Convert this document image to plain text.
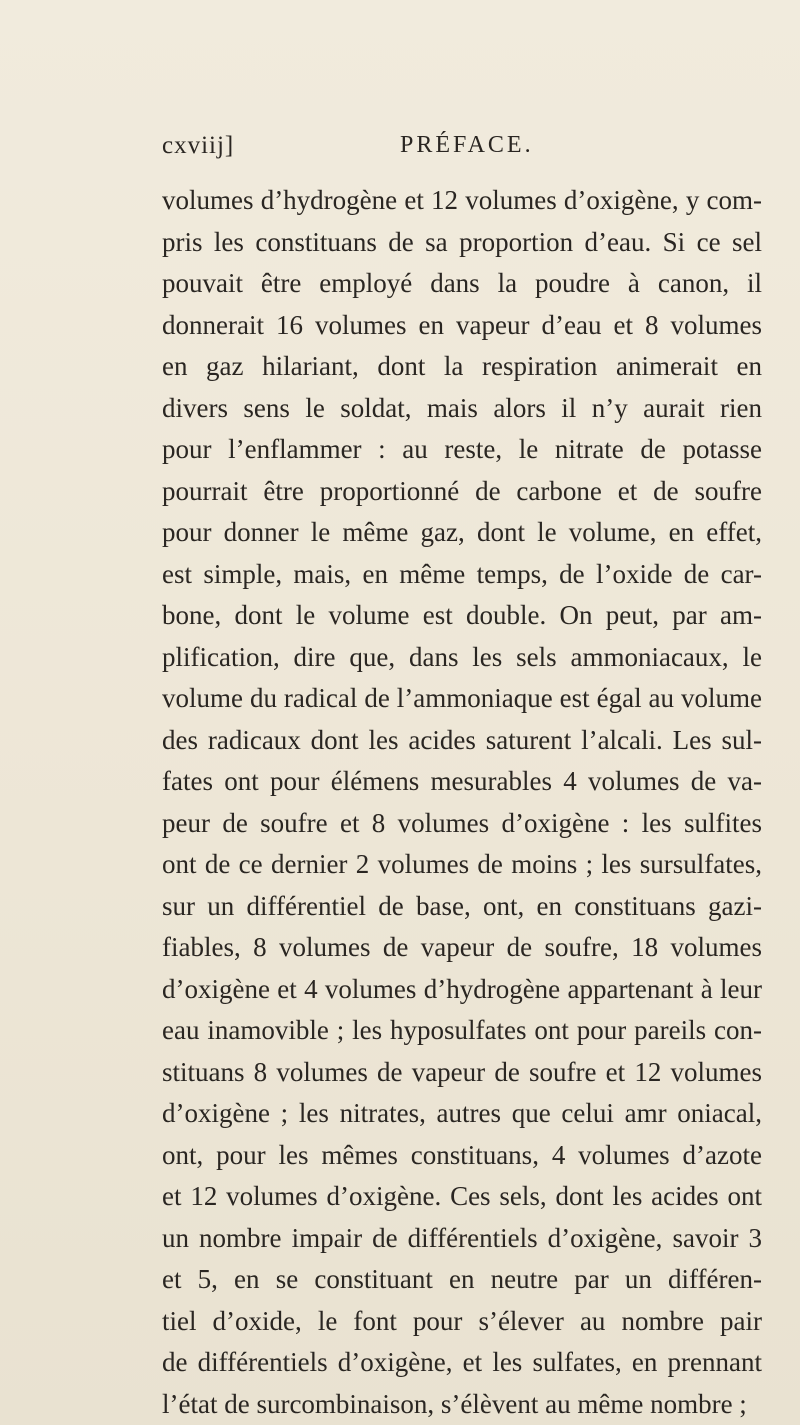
cxviij]	PRÉFACE.
volumes d’hydrogène et 12 volumes d’oxigène, y com-
pris les constituans de sa proportion d’eau. Si ce sel
pouvait être employé dans la poudre à canon, il
donnerait 16 volumes en vapeur d’eau et 8 volumes
en gaz hilariant, dont la respiration animerait en
divers sens le soldat, mais alors il n’y aurait rien
pour l’enflammer : au reste, le nitrate de potasse
pourrait être proportionné de carbone et de soufre
pour donner le même gaz, dont le volume, en effet,
est simple, mais, en même temps, de l’oxide de car-
bone, dont le volume est double. On peut, par am-
plification, dire que, dans les sels ammoniacaux, le
volume du radical de l’ammoniaque est égal au volume
des radicaux dont les acides saturent l’alcali. Les sul-
fates ont pour élémens mesurables 4 volumes de va-
peur de soufre et 8 volumes d’oxigène : les sulfites
ont de ce dernier 2 volumes de moins ; les sursulfates,
sur un différentiel de base, ont, en constituans gazi-
fiables, 8 volumes de vapeur de soufre, 18 volumes
d’oxigène et 4 volumes d’hydrogène appartenant à leur
eau inamovible ; les hyposulfates ont pour pareils con-
stituans 8 volumes de vapeur de soufre et 12 volumes
d’oxigène ; les nitrates, autres que celui amr oniacal,
ont, pour les mêmes constituans, 4 volumes d’azote
et 12 volumes d’oxigène. Ces sels, dont les acides ont
un nombre impair de différentiels d’oxigène, savoir 3
et 5, en se constituant en neutre par un différen-
tiel d’oxide, le font pour s’élever au nombre pair
de différentiels d’oxigène, et les sulfates, en prennant
l’état de surcombinaison, s’élèvent au même nombre ;
